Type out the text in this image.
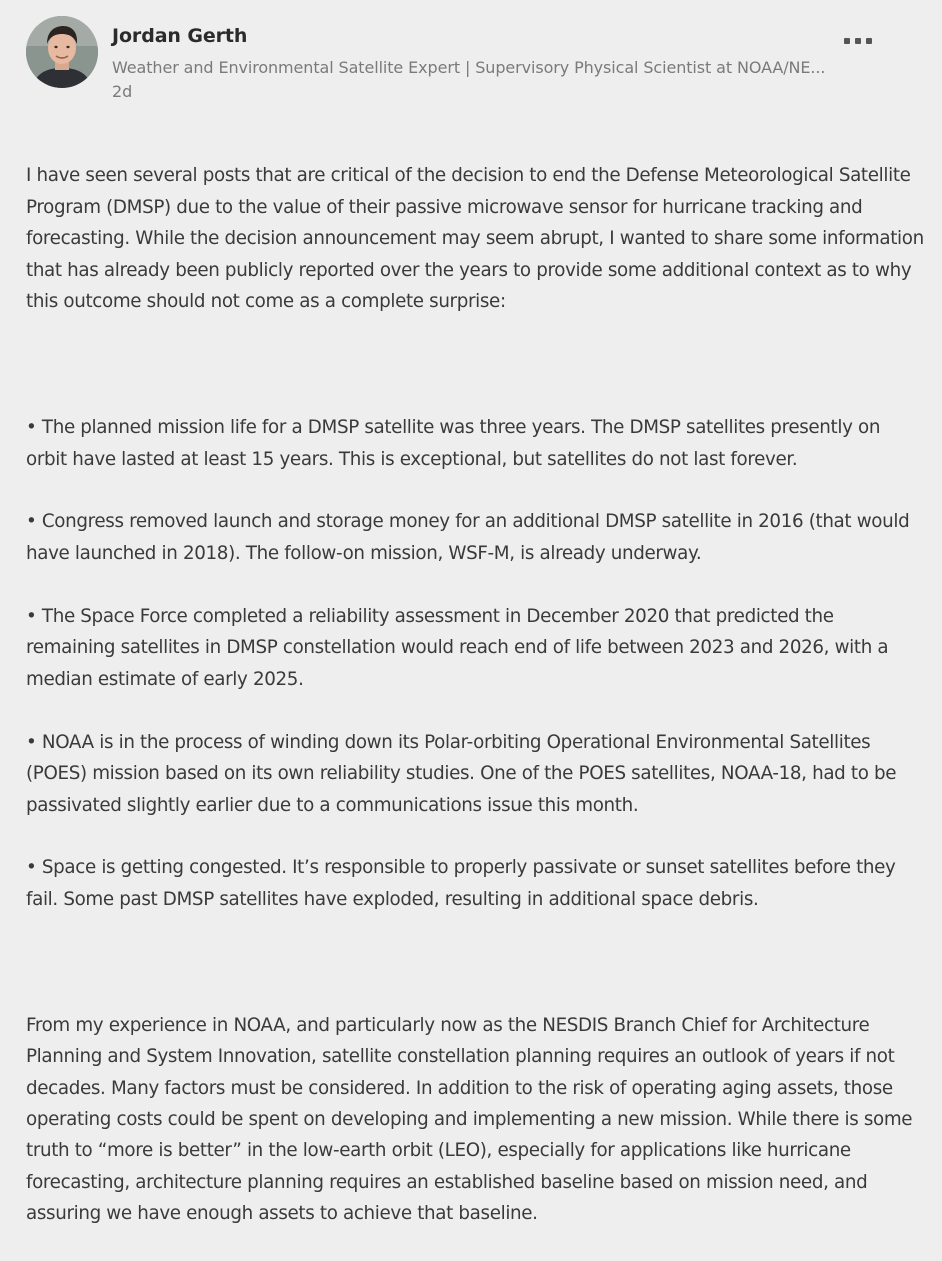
Jordan Gerth
Weather and Environmental Satellite Expert | Supervisory Physical Scientist at NOAA/NE...
2d

I have seen several posts that are critical of the decision to end the Defense Meteorological Satellite Program (DMSP) due to the value of their passive microwave sensor for hurricane tracking and forecasting. While the decision announcement may seem abrupt, I wanted to share some information that has already been publicly reported over the years to provide some additional context as to why this outcome should not come as a complete surprise:

• The planned mission life for a DMSP satellite was three years. The DMSP satellites presently on orbit have lasted at least 15 years. This is exceptional, but satellites do not last forever.

• Congress removed launch and storage money for an additional DMSP satellite in 2016 (that would have launched in 2018). The follow-on mission, WSF-M, is already underway.

• The Space Force completed a reliability assessment in December 2020 that predicted the remaining satellites in DMSP constellation would reach end of life between 2023 and 2026, with a median estimate of early 2025.

• NOAA is in the process of winding down its Polar-orbiting Operational Environmental Satellites (POES) mission based on its own reliability studies. One of the POES satellites, NOAA-18, had to be passivated slightly earlier due to a communications issue this month.

• Space is getting congested. It’s responsible to properly passivate or sunset satellites before they fail. Some past DMSP satellites have exploded, resulting in additional space debris.

From my experience in NOAA, and particularly now as the NESDIS Branch Chief for Architecture Planning and System Innovation, satellite constellation planning requires an outlook of years if not decades. Many factors must be considered. In addition to the risk of operating aging assets, those operating costs could be spent on developing and implementing a new mission. While there is some truth to “more is better” in the low-earth orbit (LEO), especially for applications like hurricane forecasting, architecture planning requires an established baseline based on mission need, and assuring we have enough assets to achieve that baseline.
